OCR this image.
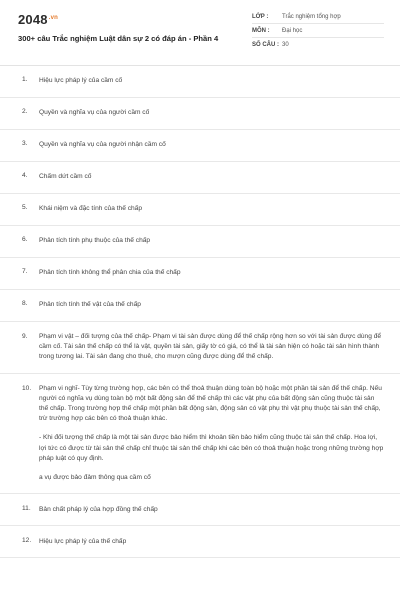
$2048^{.vn}$
300+ câu Trắc nghiệm Luật dân sự 2 có đáp án - Phần 4
LỚP :	Trắc nghiệm tổng hợp
MÔN :	Đại học
SỐ CÂU : 30
1.	Hiệu lực pháp lý của cầm cố
2.	Quyền và nghĩa vụ của người cầm cố
3.	Quyền và nghĩa vụ của người nhận cầm cố
4.	Chấm dứt cầm cố
5.	Khái niệm và đặc tính của thế chấp
6.	Phân tích tính phụ thuộc của thế chấp
7.	Phân tích tính không thể phân chia của thế chấp
8.	Phân tích tính thế vật của thế chấp
9.	Phạm vi vật – đối tượng của thế chấp- Phạm vi tài sản được dùng để thế chấp rộng hơn so với tài sản được dùng để cầm cố. Tài sản thế chấp có thể là vật, quyền tài sản, giấy tờ có giá, có thể là tài sản hiện có hoặc tài sản hình thành trong tương lai. Tài sản đang cho thuê, cho mượn cũng được dùng để thế chấp.

10.	Phạm vi nghĩ- Tùy từng trường hợp, các bên có thể thoả thuận dùng toàn bộ hoặc một phần tài sản để thế chấp. Nếu người có nghĩa vụ dùng toàn bộ một bất động sản để thế chấp thì các vật phụ của bất động sản cũng thuộc tài sản thế chấp. Trong trường hợp thế chấp một phần bất động sản, động sản có vật phụ thì vật phụ thuộc tài sản thế chấp, trừ trường hợp các bên có thoả thuận khác.

- Khi đối tượng thế chấp là một tài sản được bảo hiểm thì khoản tiền bảo hiểm cũng thuộc tài sản thế chấp. Hoa lợi, lợi tức có được từ tài sản thế chấp chỉ thuộc tài sản thế chấp khi các bên có thoả thuận hoặc trong những trường hợp pháp luật có quy định.

a vụ được bảo đảm thông qua cầm cố

11.	Bản chất pháp lý của hợp đồng thế chấp
12.	Hiệu lực pháp lý của thế chấp
